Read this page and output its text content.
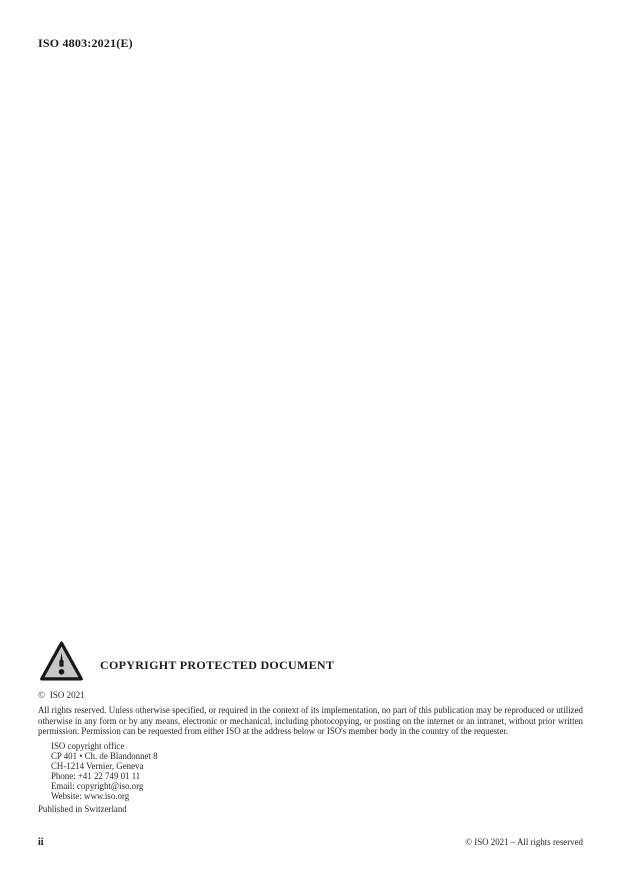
ISO 4803:2021(E)
COPYRIGHT PROTECTED DOCUMENT
© ISO 2021
All rights reserved. Unless otherwise specified, or required in the context of its implementation, no part of this publication may be reproduced or utilized otherwise in any form or by any means, electronic or mechanical, including photocopying, or posting on the internet or an intranet, without prior written permission. Permission can be requested from either ISO at the address below or ISO's member body in the country of the requester.
ISO copyright office
CP 401 • Ch. de Blandonnet 8
CH-1214 Vernier, Geneva
Phone: +41 22 749 01 11
Email: copyright@iso.org
Website: www.iso.org
Published in Switzerland
ii	© ISO 2021 – All rights reserved
